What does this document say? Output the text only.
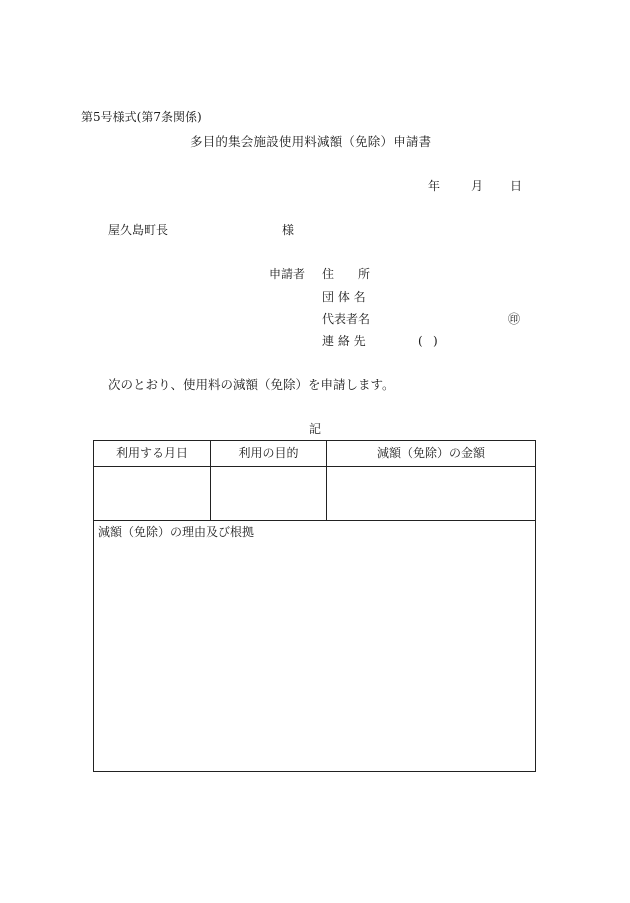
第5号様式(第7条関係)
多目的集会施設使用料減額（免除）申請書
年	月 日
屋久島町長	様
申請者 住　　所
団 体 名
代表者名	㊞
連 絡 先	( )
次のとおり、使用料の減額（免除）を申請します。
記
利用する月日	利用の目的	減額（免除）の金額
減額（免除）の理由及び根拠
